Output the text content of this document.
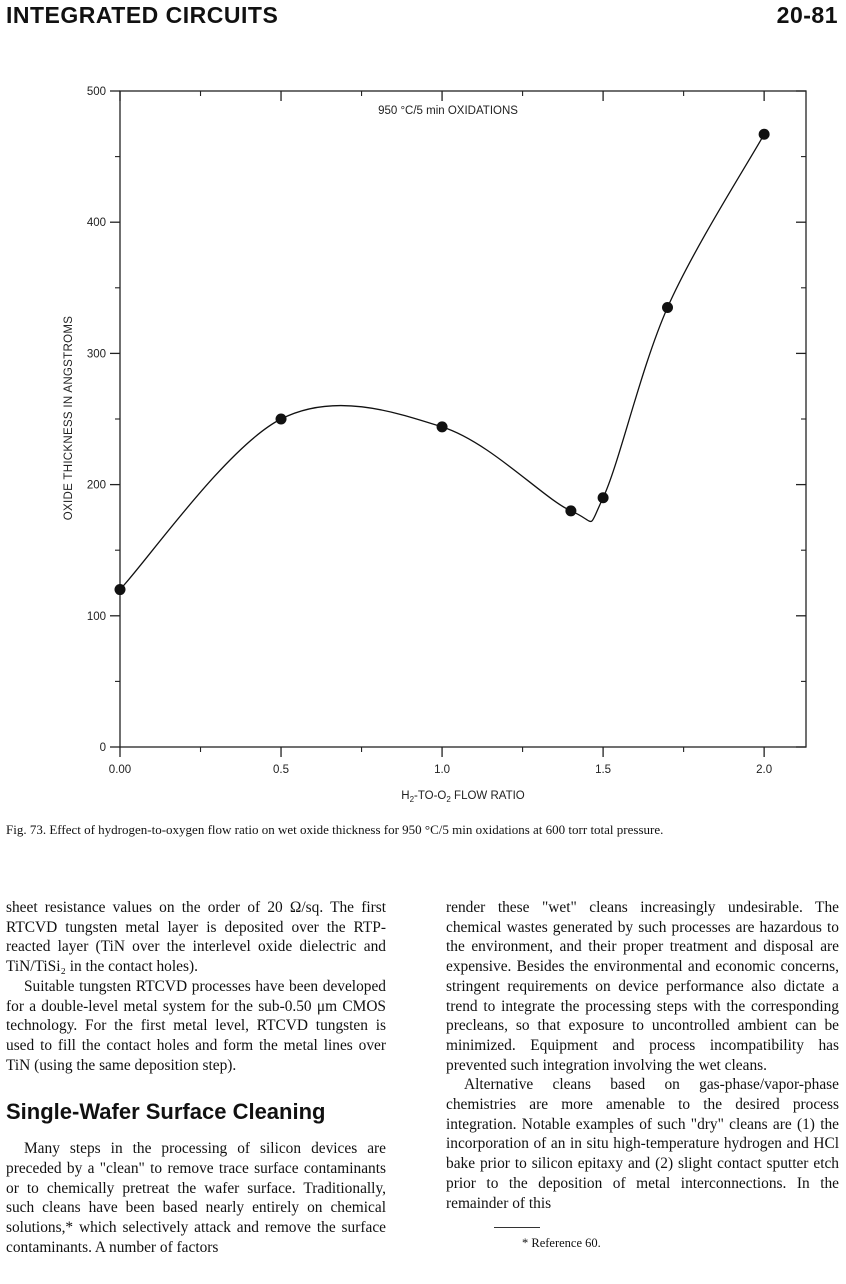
INTEGRATED CIRCUITS	20-81
0
100
200
300
400
500
0.00	0.5	1.0	1.5	2.0
950 °C/5 min OXIDATIONS
OXIDE THICKNESS IN ANGSTROMS
$H_2-TO-O_2$ FLOW RATIO
Fig. 73. Effect of hydrogen-to-oxygen flow ratio on wet oxide thickness for 950 °C/5 min oxidations at 600 torr total pressure.

sheet resistance values on the order of 20 Ω/sq. The first RTCVD tungsten metal layer is deposited over the RTP-reacted layer (TiN over the interlevel oxide dielectric and TiN/TiSi₂ in the contact holes).

Suitable tungsten RTCVD processes have been developed for a double-level metal system for the sub-0.50 μm CMOS technology. For the first metal level, RTCVD tungsten is used to fill the contact holes and form the metal lines over TiN (using the same deposition step).

Single-Wafer Surface Cleaning

Many steps in the processing of silicon devices are preceded by a "clean" to remove trace surface contaminants or to chemically pretreat the wafer surface. Traditionally, such cleans have been based nearly entirely on chemical solutions,* which selectively attack and remove the surface contaminants. A number of factors

render these "wet" cleans increasingly undesirable. The chemical wastes generated by such processes are hazardous to the environment, and their proper treatment and disposal are expensive. Besides the environmental and economic concerns, stringent requirements on device performance also dictate a trend to integrate the processing steps with the corresponding precleans, so that exposure to uncontrolled ambient can be minimized. Equipment and process incompatibility has prevented such integration involving the wet cleans.

Alternative cleans based on gas-phase/vapor-phase chemistries are more amenable to the desired process integration. Notable examples of such "dry" cleans are (1) the incorporation of an in situ high-temperature hydrogen and HCl bake prior to silicon epitaxy and (2) slight contact sputter etch prior to the deposition of metal interconnections. In the remainder of this

* Reference 60.
